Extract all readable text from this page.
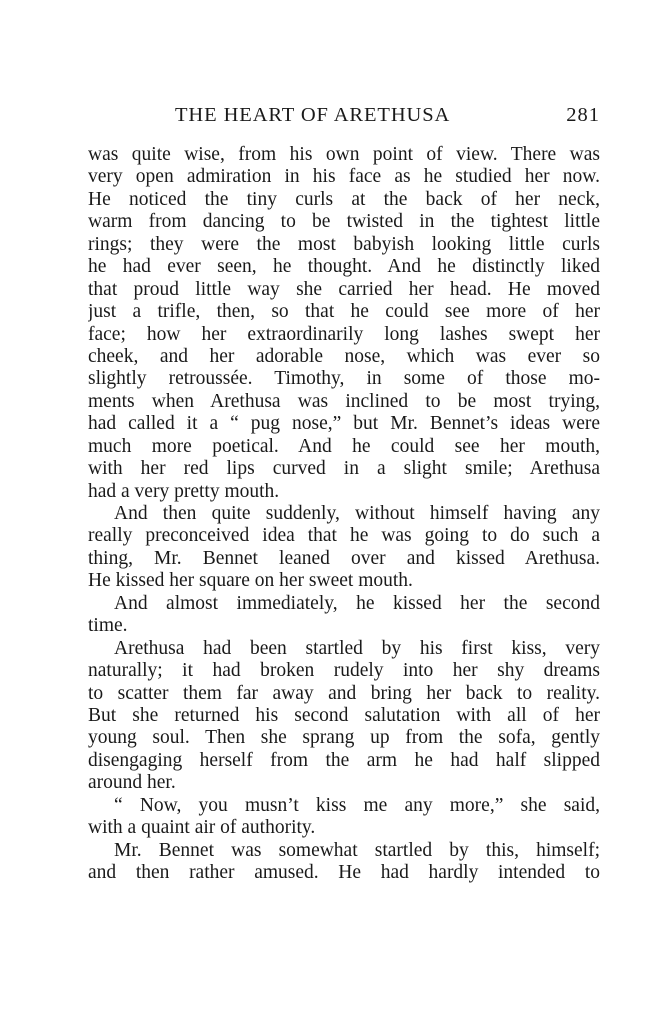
THE HEART OF ARETHUSA	281
was quite wise, from his own point of view. There was
very open admiration in his face as he studied her now.
He noticed the tiny curls at the back of her neck,
warm from dancing to be twisted in the tightest little
rings; they were the most babyish looking little curls
he had ever seen, he thought. And he distinctly liked
that proud little way she carried her head. He moved
just a trifle, then, so that he could see more of her
face; how her extraordinarily long lashes swept her
cheek, and her adorable nose, which was ever so
slightly retroussée. Timothy, in some of those mo-
ments when Arethusa was inclined to be most trying,
had called it a “ pug nose,” but Mr. Bennet’s ideas were
much more poetical. And he could see her mouth,
with her red lips curved in a slight smile; Arethusa
had a very pretty mouth.
And then quite suddenly, without himself having any
really preconceived idea that he was going to do such a
thing, Mr. Bennet leaned over and kissed Arethusa.
He kissed her square on her sweet mouth.
And almost immediately, he kissed her the second
time.
Arethusa had been startled by his first kiss, very
naturally; it had broken rudely into her shy dreams
to scatter them far away and bring her back to reality.
But she returned his second salutation with all of her
young soul. Then she sprang up from the sofa, gently
disengaging herself from the arm he had half slipped
around her.
“ Now, you musn’t kiss me any more,” she said,
with a quaint air of authority.
Mr. Bennet was somewhat startled by this, himself;
and then rather amused. He had hardly intended to
